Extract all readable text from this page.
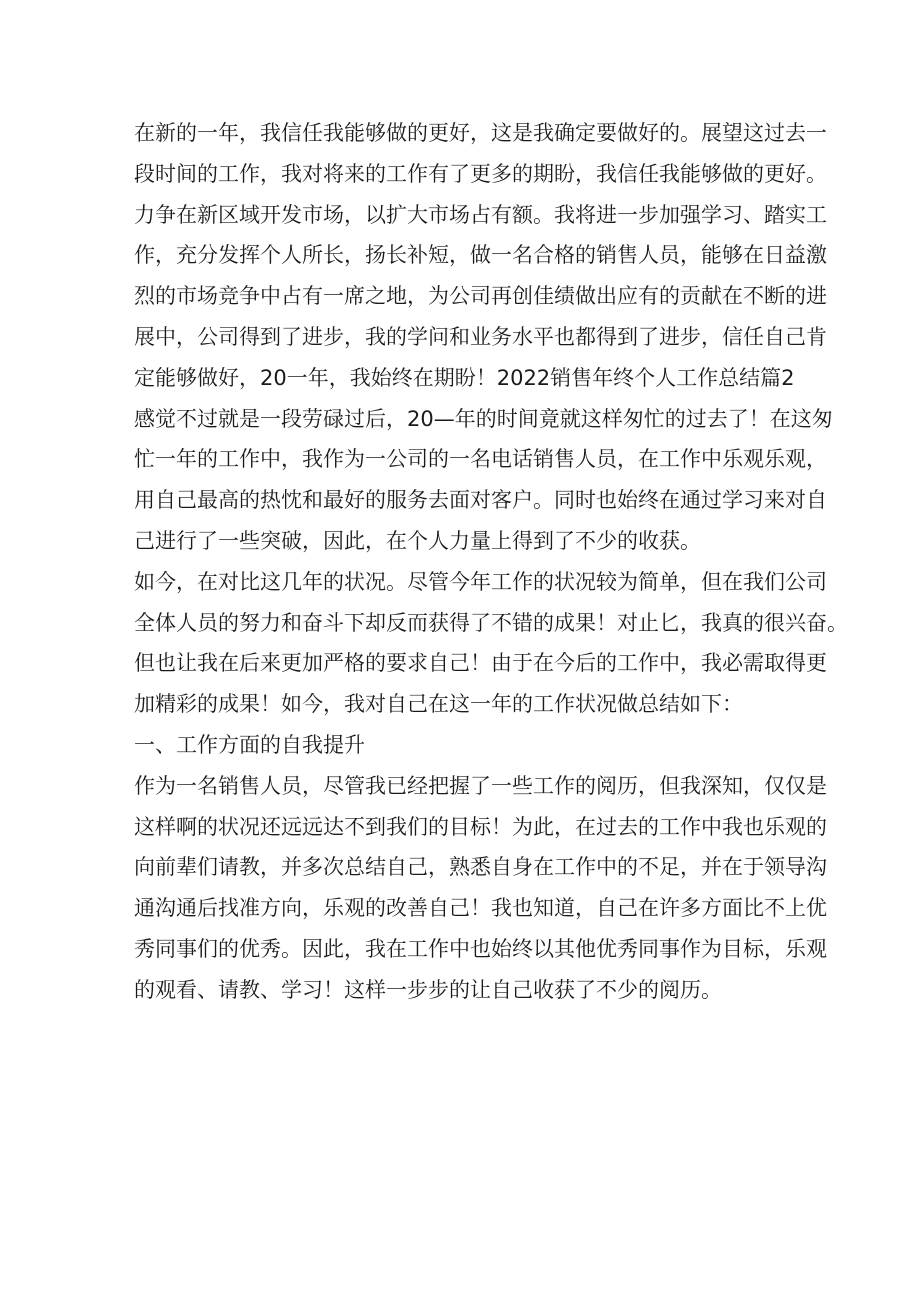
在新的一年，我信任我能够做的更好，这是我确定要做好的。展望这过去一
段时间的工作，我对将来的工作有了更多的期盼，我信任我能够做的更好。
力争在新区域开发市场，以扩大市场占有额。我将进一步加强学习、踏实工
作，充分发挥个人所长，扬长补短，做一名合格的销售人员，能够在日益激
烈的市场竞争中占有一席之地，为公司再创佳绩做出应有的贡献在不断的进
展中，公司得到了进步，我的学问和业务水平也都得到了进步，信任自己肯
定能够做好，20一年，我始终在期盼！2022销售年终个人工作总结篇2
感觉不过就是一段劳碌过后，20—年的时间竟就这样匆忙的过去了！在这匆
忙一年的工作中，我作为一公司的一名电话销售人员，在工作中乐观乐观，
用自己最高的热忱和最好的服务去面对客户。同时也始终在通过学习来对自
己进行了一些突破，因此，在个人力量上得到了不少的收获。
如今，在对比这几年的状况。尽管今年工作的状况较为简单，但在我们公司
全体人员的努力和奋斗下却反而获得了不错的成果！对止匕，我真的很兴奋。
但也让我在后来更加严格的要求自己！由于在今后的工作中，我必需取得更
加精彩的成果！如今，我对自己在这一年的工作状况做总结如下：
一、工作方面的自我提升
作为一名销售人员，尽管我已经把握了一些工作的阅历，但我深知，仅仅是
这样啊的状况还远远达不到我们的目标！为此，在过去的工作中我也乐观的
向前辈们请教，并多次总结自己，熟悉自身在工作中的不足，并在于领导沟
通沟通后找准方向，乐观的改善自己！我也知道，自己在许多方面比不上优
秀同事们的优秀。因此，我在工作中也始终以其他优秀同事作为目标，乐观
的观看、请教、学习！这样一步步的让自己收获了不少的阅历。
